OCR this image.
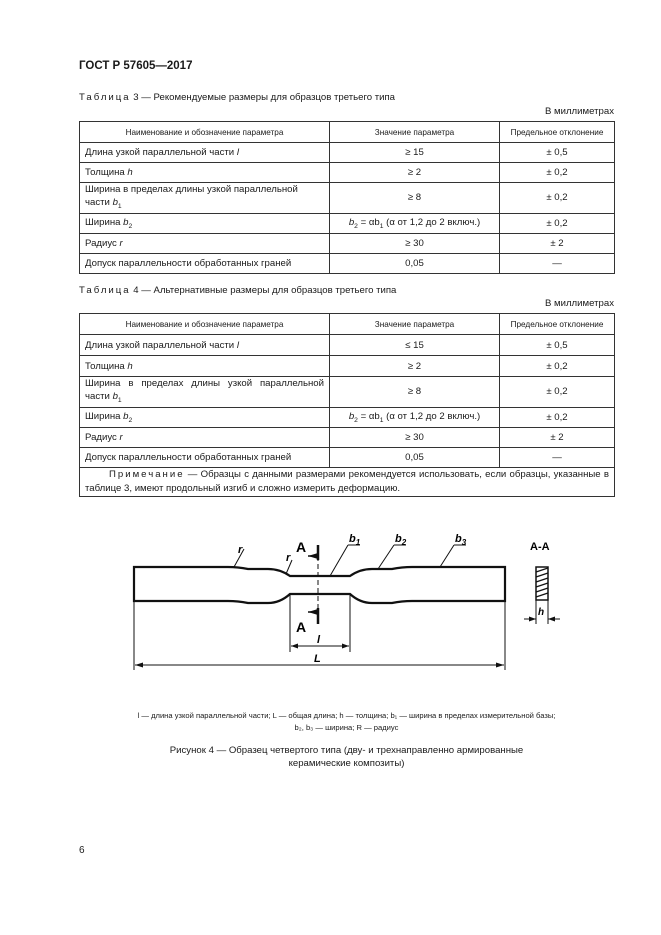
ГОСТ Р 57605—2017
Таблица 3 — Рекомендуемые размеры для образцов третьего типа
В миллиметрах
Наименование и обозначение параметра	Значение параметра	Предельное отклонение
Длина узкой параллельной части l	≥ 15	± 0,5
Толщина h	≥ 2	± 0,2
Ширина в пределах длины узкой параллельной части $b_1$	≥ 8	± 0,2
Ширина $b_2$	$b_2 = \alpha b_1$ (α от 1,2 до 2 включ.)	± 0,2
Радиус r	≥ 30	± 2
Допуск параллельности обработанных граней	0,05	—
Таблица 4 — Альтернативные размеры для образцов третьего типа
В миллиметрах
Наименование и обозначение параметра	Значение параметра	Предельное отклонение
Длина узкой параллельной части l	≤ 15	± 0,5
Толщина h	≥ 2	± 0,2
Ширина в пределах длины узкой параллельной части $b_1$	≥ 8	± 0,2
Ширина $b_2$	$b_2 = \alpha b_1$ (α от 1,2 до 2 включ.)	± 0,2
Радиус r	≥ 30	± 2
Допуск параллельности обработанных граней	0,05	—
Примечание — Образцы с данными размерами рекомендуется использовать, если образцы, указанные в таблице 3, имеют продольный изгиб и сложно измерить деформацию.		
r
r
A
A
$b_1$	$b_2$	$b_3$
l
L
A-A
h
l — длина узкой параллельной части; L — общая длина; h — толщина; b₁ — ширина в пределах измерительной базы;
b₂, b₃ — ширина; R — радиус
Рисунок 4 — Образец четвертого типа (дву- и трехнаправленно армированные
керамические композиты)
6
